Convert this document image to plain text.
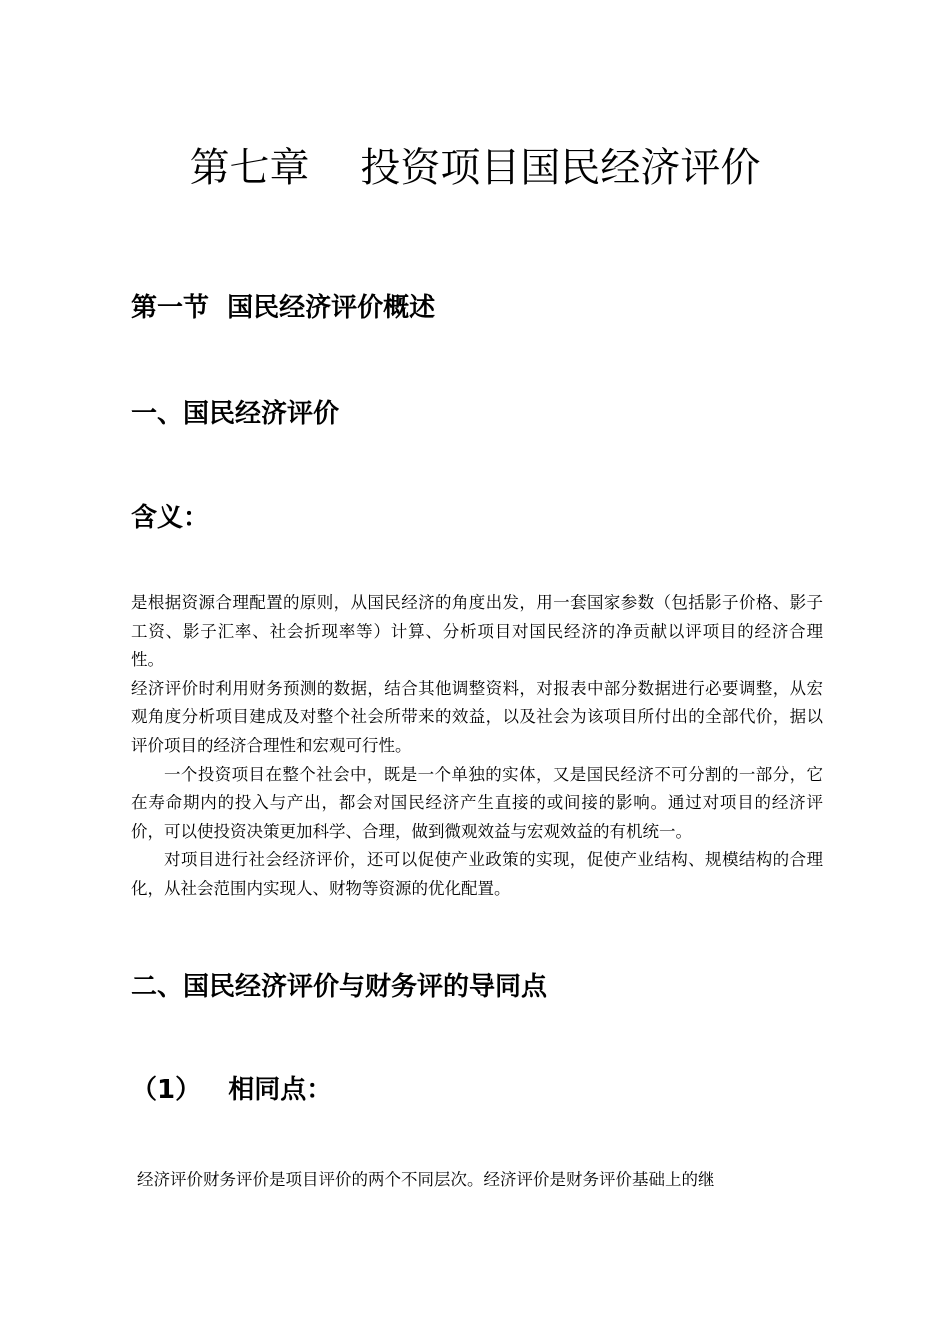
第七章    投资项目国民经济评价
第一节  国民经济评价概述
一、国民经济评价
含义：
是根据资源合理配置的原则，从国民经济的角度出发，用一套国家参数（包括影子价格、影子工资、影子汇率、社会折现率等）计算、分析项目对国民经济的净贡献以评项目的经济合理性。
经济评价时利用财务预测的数据，结合其他调整资料，对报表中部分数据进行必要调整，从宏观角度分析项目建成及对整个社会所带来的效益，以及社会为该项目所付出的全部代价，据以评价项目的经济合理性和宏观可行性。
一个投资项目在整个社会中，既是一个单独的实体，又是国民经济不可分割的一部分，它在寿命期内的投入与产出，都会对国民经济产生直接的或间接的影响。通过对项目的经济评价，可以使投资决策更加科学、合理，做到微观效益与宏观效益的有机统一。
对项目进行社会经济评价，还可以促使产业政策的实现，促使产业结构、规模结构的合理化，从社会范围内实现人、财物等资源的优化配置。
二、国民经济评价与财务评的导同点
（1）   相同点：

经济评价财务评价是项目评价的两个不同层次。经济评价是财务评价基础上的继
